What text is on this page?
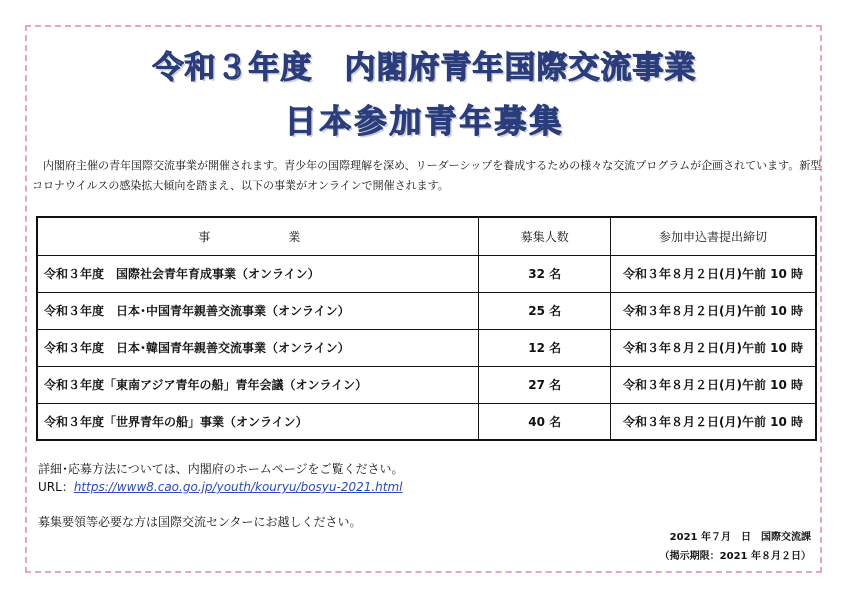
令和３年度　内閣府青年国際交流事業
日本参加青年募集
内閣府主催の青年国際交流事業が開催されます。青少年の国際理解を深め、リーダーシップを養成するための様々な交流プログラムが企画されています。新型コロナウイルスの感染拡大傾向を踏まえ、以下の事業がオンラインで開催されます。
事　　業	募集人数	参加申込書提出締切
令和３年度　国際社会青年育成事業（オンライン）	32 名	令和３年８月２日(月)午前 10 時
令和３年度　日本･中国青年親善交流事業（オンライン）	25 名	令和３年８月２日(月)午前 10 時
令和３年度　日本･韓国青年親善交流事業（オンライン）	12 名	令和３年８月２日(月)午前 10 時
令和３年度「東南アジア青年の船」青年会議（オンライン）	27 名	令和３年８月２日(月)午前 10 時
令和３年度「世界青年の船」事業（オンライン）	40 名	令和３年８月２日(月)午前 10 時
詳細･応募方法については、内閣府のホームページをご覧ください。
URL：https://www8.cao.go.jp/youth/kouryu/bosyu-2021.html
募集要領等必要な方は国際交流センターにお越しください。
2021 年７月　日　国際交流課
（掲示期限：2021 年８月２日）
